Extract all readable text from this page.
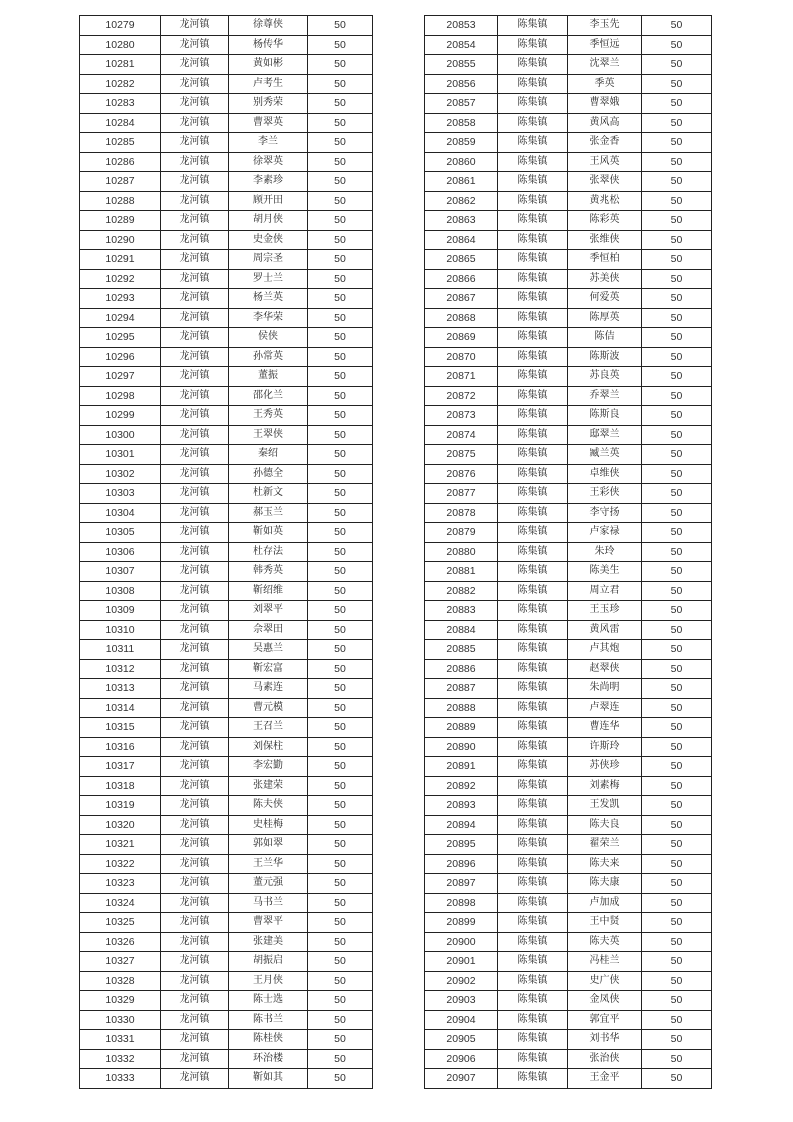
10279	龙河镇	徐尊侠	50
10280	龙河镇	杨传华	50
10281	龙河镇	黄如彬	50
10282	龙河镇	卢考生	50
10283	龙河镇	别秀荣	50
10284	龙河镇	曹翠英	50
10285	龙河镇	李兰	50
10286	龙河镇	徐翠英	50
10287	龙河镇	李素珍	50
10288	龙河镇	顾开田	50
10289	龙河镇	胡月侠	50
10290	龙河镇	史金侠	50
10291	龙河镇	周宗圣	50
10292	龙河镇	罗士兰	50
10293	龙河镇	杨兰英	50
10294	龙河镇	李华荣	50
10295	龙河镇	侯侠	50
10296	龙河镇	孙常英	50
10297	龙河镇	董振	50
10298	龙河镇	邵化兰	50
10299	龙河镇	王秀英	50
10300	龙河镇	王翠侠	50
10301	龙河镇	秦绍	50
10302	龙河镇	孙德全	50
10303	龙河镇	杜新文	50
10304	龙河镇	郝玉兰	50
10305	龙河镇	靳如英	50
10306	龙河镇	杜存法	50
10307	龙河镇	韩秀英	50
10308	龙河镇	靳绍维	50
10309	龙河镇	刘翠平	50
10310	龙河镇	佘翠田	50
10311	龙河镇	吴惠兰	50
10312	龙河镇	靳宏富	50
10313	龙河镇	马素连	50
10314	龙河镇	曹元模	50
10315	龙河镇	王召兰	50
10316	龙河镇	刘保柱	50
10317	龙河镇	李宏勤	50
10318	龙河镇	张建荣	50
10319	龙河镇	陈夫侠	50
10320	龙河镇	史桂梅	50
10321	龙河镇	郭如翠	50
10322	龙河镇	王兰华	50
10323	龙河镇	董元强	50
10324	龙河镇	马书兰	50
10325	龙河镇	曹翠平	50
10326	龙河镇	张建美	50
10327	龙河镇	胡振启	50
10328	龙河镇	王月侠	50
10329	龙河镇	陈士选	50
10330	龙河镇	陈书兰	50
10331	龙河镇	陈桂侠	50
10332	龙河镇	环治楼	50
10333	龙河镇	靳如其	50
20853	陈集镇	李玉先	50
20854	陈集镇	季恒远	50
20855	陈集镇	沈翠兰	50
20856	陈集镇	季英	50
20857	陈集镇	曹翠娥	50
20858	陈集镇	黄风高	50
20859	陈集镇	张金香	50
20860	陈集镇	王风英	50
20861	陈集镇	张翠侠	50
20862	陈集镇	黄兆松	50
20863	陈集镇	陈彩英	50
20864	陈集镇	张维侠	50
20865	陈集镇	季恒柏	50
20866	陈集镇	苏美侠	50
20867	陈集镇	何爱英	50
20868	陈集镇	陈厚英	50
20869	陈集镇	陈佶	50
20870	陈集镇	陈斯波	50
20871	陈集镇	苏良英	50
20872	陈集镇	乔翠兰	50
20873	陈集镇	陈斯良	50
20874	陈集镇	邸翠兰	50
20875	陈集镇	臧兰英	50
20876	陈集镇	卓维侠	50
20877	陈集镇	王彩侠	50
20878	陈集镇	李守扬	50
20879	陈集镇	卢家禄	50
20880	陈集镇	朱玲	50
20881	陈集镇	陈美生	50
20882	陈集镇	周立君	50
20883	陈集镇	王玉珍	50
20884	陈集镇	黄风雷	50
20885	陈集镇	卢其炮	50
20886	陈集镇	赵翠侠	50
20887	陈集镇	朱尚明	50
20888	陈集镇	卢翠连	50
20889	陈集镇	曹连华	50
20890	陈集镇	许斯玲	50
20891	陈集镇	苏侠珍	50
20892	陈集镇	刘素梅	50
20893	陈集镇	王发凯	50
20894	陈集镇	陈夫良	50
20895	陈集镇	翟荣兰	50
20896	陈集镇	陈夫来	50
20897	陈集镇	陈夫康	50
20898	陈集镇	卢加成	50
20899	陈集镇	王中贤	50
20900	陈集镇	陈夫英	50
20901	陈集镇	冯桂兰	50
20902	陈集镇	史广侠	50
20903	陈集镇	金凤侠	50
20904	陈集镇	郭宜平	50
20905	陈集镇	刘书华	50
20906	陈集镇	张治侠	50
20907	陈集镇	王金平	50
